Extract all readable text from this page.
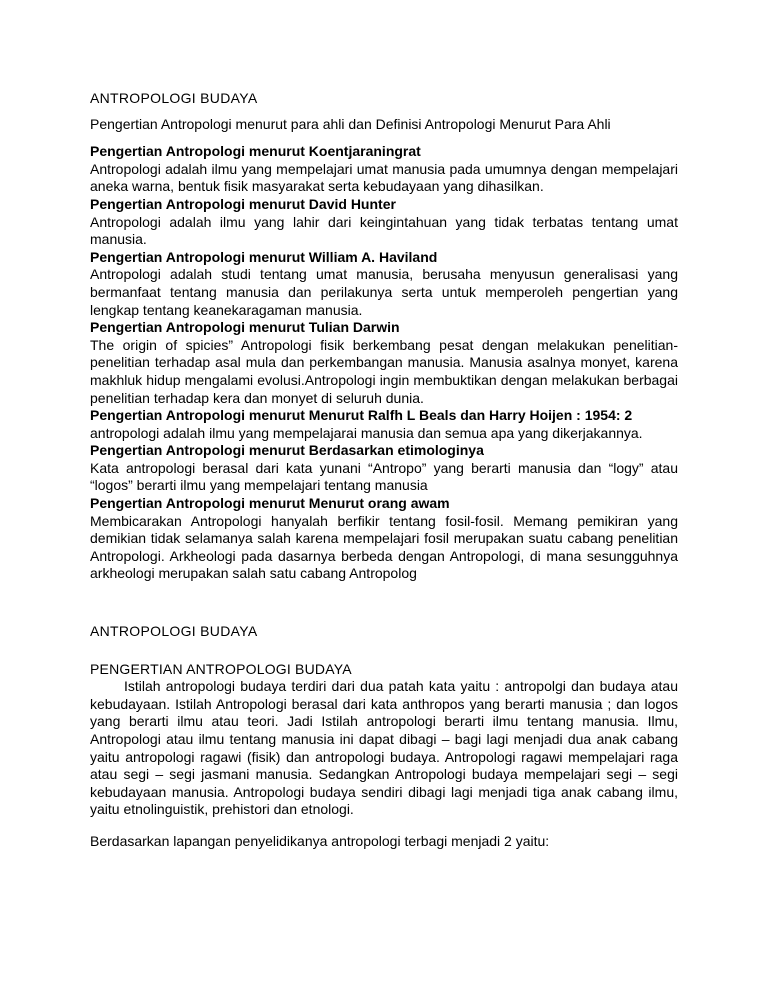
ANTROPOLOGI BUDAYA

Pengertian Antropologi menurut para ahli dan Definisi Antropologi Menurut Para Ahli

Pengertian Antropologi menurut Koentjaraningrat

Antropologi adalah ilmu yang mempelajari umat manusia pada umumnya dengan mempelajari aneka warna, bentuk fisik masyarakat serta kebudayaan yang dihasilkan.

Pengertian Antropologi menurut David Hunter

Antropologi adalah ilmu yang lahir dari keingintahuan yang tidak terbatas tentang umat manusia.

Pengertian Antropologi menurut William A. Haviland

Antropologi adalah studi tentang umat manusia, berusaha menyusun generalisasi yang bermanfaat tentang manusia dan perilakunya serta untuk memperoleh pengertian yang lengkap tentang keanekaragaman manusia.

Pengertian Antropologi menurut Tulian Darwin

The origin of spicies” Antropologi fisik berkembang pesat dengan melakukan penelitian-penelitian terhadap asal mula dan perkembangan manusia. Manusia asalnya monyet, karena makhluk hidup mengalami evolusi.Antropologi ingin membuktikan dengan melakukan berbagai penelitian terhadap kera dan monyet di seluruh dunia.

Pengertian Antropologi menurut Menurut Ralfh L Beals dan Harry Hoijen : 1954: 2

antropologi adalah ilmu yang mempelajarai manusia dan semua apa yang dikerjakannya.

Pengertian Antropologi menurut Berdasarkan etimologinya

Kata antropologi berasal dari kata yunani “Antropo” yang berarti manusia dan “logy” atau “logos” berarti ilmu yang mempelajari tentang manusia

Pengertian Antropologi menurut Menurut orang awam

Membicarakan Antropologi hanyalah berfikir tentang fosil-fosil. Memang pemikiran yang demikian tidak selamanya salah karena mempelajari fosil merupakan suatu cabang penelitian Antropologi. Arkheologi pada dasarnya berbeda dengan Antropologi, di mana sesungguhnya arkheologi merupakan salah satu cabang Antropolog

ANTROPOLOGI BUDAYA

PENGERTIAN ANTROPOLOGI BUDAYA

Istilah antropologi budaya terdiri dari dua patah kata yaitu : antropolgi dan budaya atau kebudayaan. Istilah Antropologi berasal dari kata anthropos yang berarti manusia ; dan logos yang berarti ilmu atau teori. Jadi Istilah antropologi berarti ilmu tentang manusia. Ilmu, Antropologi atau ilmu tentang manusia ini dapat dibagi – bagi lagi menjadi dua anak cabang yaitu antropologi ragawi (fisik) dan antropologi budaya. Antropologi ragawi mempelajari raga atau segi – segi jasmani manusia. Sedangkan Antropologi budaya mempelajari segi – segi kebudayaan manusia. Antropologi budaya sendiri dibagi lagi menjadi tiga anak cabang ilmu, yaitu etnolinguistik, prehistori dan etnologi.

Berdasarkan lapangan penyelidikanya antropologi terbagi menjadi 2 yaitu:
